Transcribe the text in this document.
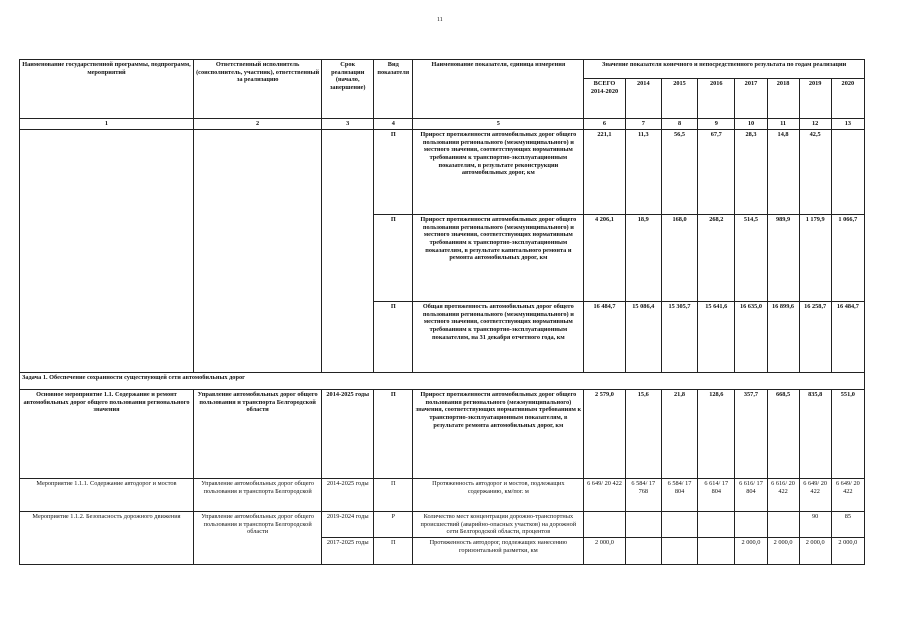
11
Наименование государственной программы, подпрограмм, мероприятий	Ответственный исполнитель (соисполнитель, участник), ответственный за реализацию	Срок реализации (начало, завершение)	Вид показателя	Наименование показателя, единица измерения	Значение показателя конечного и непосредственного результата по годам реализации							
					ВСЕГО 2014-2020	2014	2015	2016	2017	2018	2019	2020
1	2	3	4	5	6	7	8	9	10	11	12	13
			П	Прирост протяженности автомобильных дорог общего пользования регионального (межмуниципального) и местного значения, соответствующих нормативным требованиям к транспортно-эксплуатационным показателям, в результате реконструкции автомобильных дорог, км	221,1	11,3	56,5	67,7	28,3	14,8	42,5	
			П	Прирост протяженности автомобильных дорог общего пользования регионального (межмуниципального) и местного значения, соответствующих нормативным требованиям к транспортно-эксплуатационным показателям, в результате капитального ремонта и ремонта автомобильных дорог, км	4 206,1	18,9	168,0	268,2	514,5	989,9	1 179,9	1 066,7
			П	Общая протяженность автомобильных дорог общего пользования регионального (межмуниципального) и местного значения, соответствующих нормативным требованиям к транспортно-эксплуатационным показателям, на 31 декабря отчетного года, км	16 484,7	15 086,4	15 305,7	15 641,6	16 635,0	16 899,6	16 258,7	16 484,7
Задача 1. Обеспечение сохранности существующей сети автомобильных дорог												
Основное мероприятие 1.1. Содержание и ремонт автомобильных дорог общего пользования регионального значения	Управление автомобильных дорог общего пользования и транспорта Белгородской области	2014-2025 годы	П	Прирост протяженности автомобильных дорог общего пользования регионального (межмуниципального) значения, соответствующих нормативным требованиям к транспортно-эксплуатационным показателям, в результате ремонта автомобильных дорог, км	2 579,0	15,6	21,8	128,6	357,7	668,5	835,8	551,0
Мероприятие 1.1.1. Содержание автодорог и мостов	Управление автомобильных дорог общего пользования и транспорта Белгородской	2014-2025 годы	П	Протяженность автодорог и мостов, подлежащих содержанию, км/пог. м	6 649/ 20 422	6 584/ 17 768	6 584/ 17 804	6 614/ 17 804	6 616/ 17 804	6 616/ 20 422	6 649/ 20 422	6 649/ 20 422
Мероприятие 1.1.2. Безопасность дорожного движения	Управление автомобильных дорог общего пользования и транспорта Белгородской области	2019-2024 годы	Р	Количество мест концентрации дорожно-транспортных происшествий (аварийно-опасных участков) на дорожной сети Белгородской области, процентов							90	85
		2017-2025 годы	П	Протяженность автодорог, подлежащих нанесению горизонтальной разметки, км	2 000,0				2 000,0	2 000,0	2 000,0	2 000,0
